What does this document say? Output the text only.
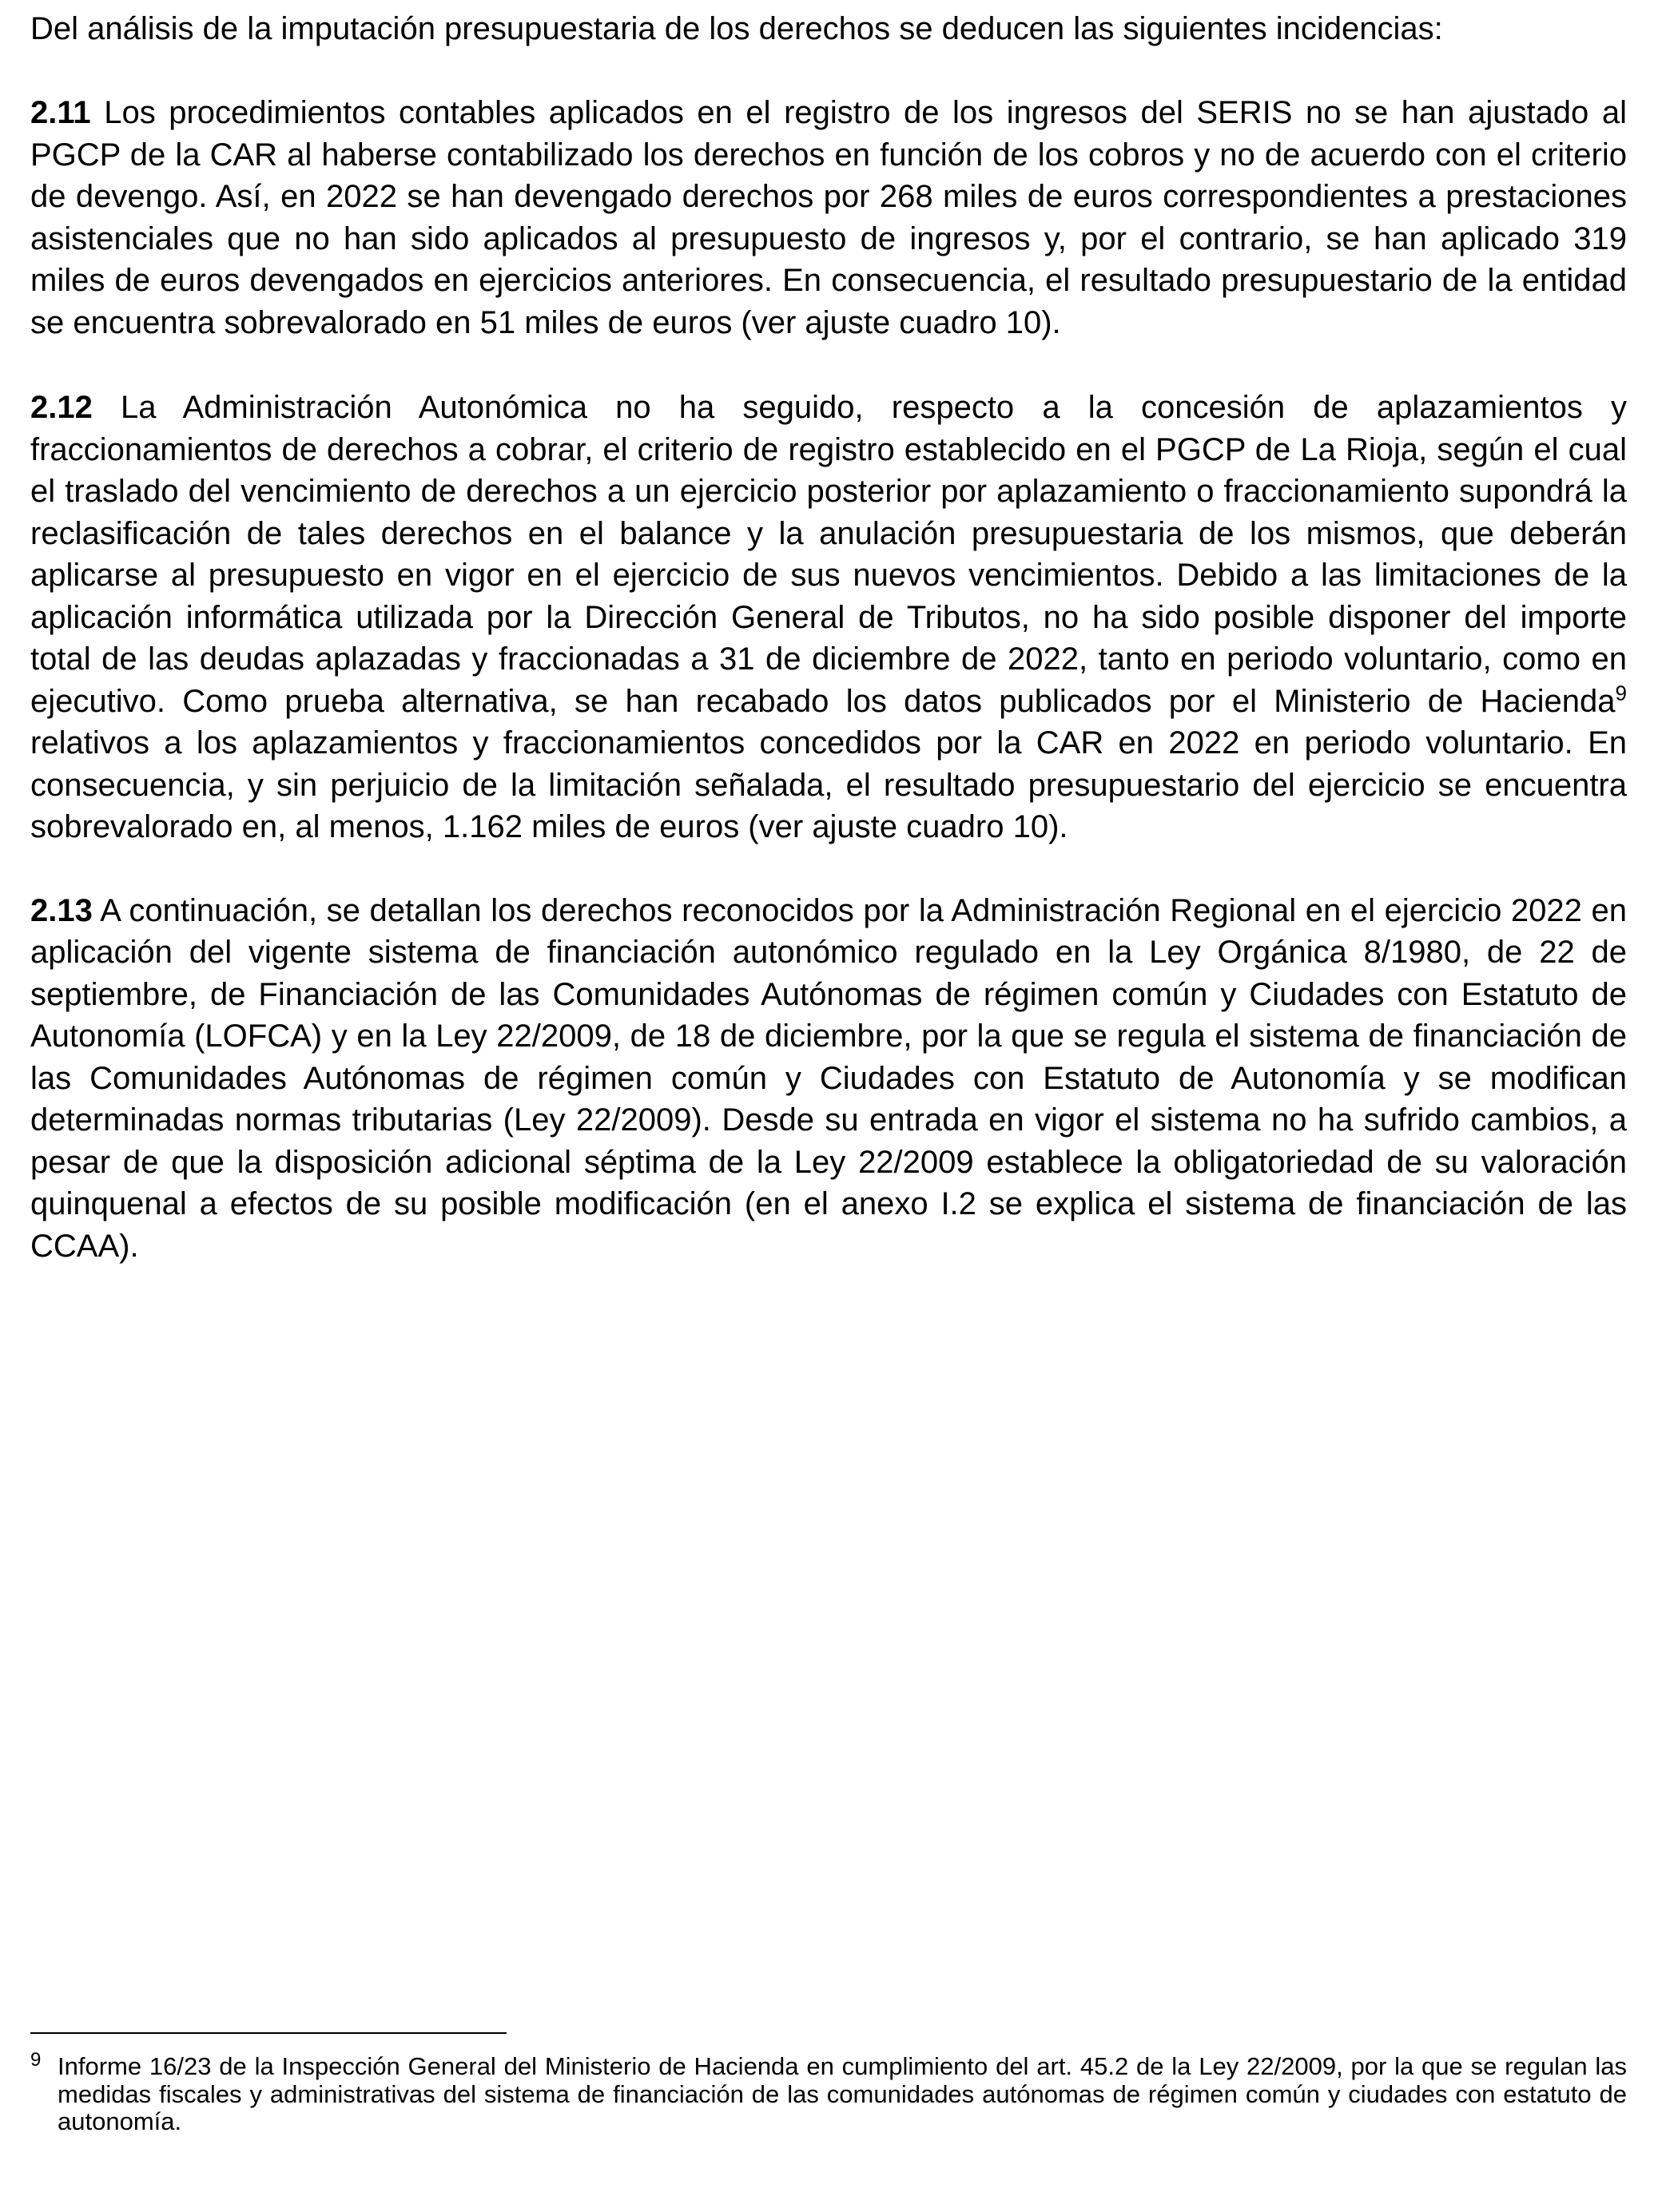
Del análisis de la imputación presupuestaria de los derechos se deducen las siguientes incidencias:

2.11 Los procedimientos contables aplicados en el registro de los ingresos del SERIS no se han ajustado al PGCP de la CAR al haberse contabilizado los derechos en función de los cobros y no de acuerdo con el criterio de devengo. Así, en 2022 se han devengado derechos por 268 miles de euros correspondientes a prestaciones asistenciales que no han sido aplicados al presupuesto de ingresos y, por el contrario, se han aplicado 319 miles de euros devengados en ejercicios anteriores. En consecuencia, el resultado presupuestario de la entidad se encuentra sobrevalorado en 51 miles de euros (ver ajuste cuadro 10).

2.12 La Administración Autonómica no ha seguido, respecto a la concesión de aplazamientos y fraccionamientos de derechos a cobrar, el criterio de registro establecido en el PGCP de La Rioja, según el cual el traslado del vencimiento de derechos a un ejercicio posterior por aplazamiento o fraccionamiento supondrá la reclasificación de tales derechos en el balance y la anulación presupuestaria de los mismos, que deberán aplicarse al presupuesto en vigor en el ejercicio de sus nuevos vencimientos. Debido a las limitaciones de la aplicación informática utilizada por la Dirección General de Tributos, no ha sido posible disponer del importe total de las deudas aplazadas y fraccionadas a 31 de diciembre de 2022, tanto en periodo voluntario, como en ejecutivo. Como prueba alternativa, se han recabado los datos publicados por el Ministerio de Hacienda$^9$ relativos a los aplazamientos y fraccionamientos concedidos por la CAR en 2022 en periodo voluntario. En consecuencia, y sin perjuicio de la limitación señalada, el resultado presupuestario del ejercicio se encuentra sobrevalorado en, al menos, 1.162 miles de euros (ver ajuste cuadro 10).

2.13 A continuación, se detallan los derechos reconocidos por la Administración Regional en el ejercicio 2022 en aplicación del vigente sistema de financiación autonómico regulado en la Ley Orgánica 8/1980, de 22 de septiembre, de Financiación de las Comunidades Autónomas de régimen común y Ciudades con Estatuto de Autonomía (LOFCA) y en la Ley 22/2009, de 18 de diciembre, por la que se regula el sistema de financiación de las Comunidades Autónomas de régimen común y Ciudades con Estatuto de Autonomía y se modifican determinadas normas tributarias (Ley 22/2009). Desde su entrada en vigor el sistema no ha sufrido cambios, a pesar de que la disposición adicional séptima de la Ley 22/2009 establece la obligatoriedad de su valoración quinquenal a efectos de su posible modificación (en el anexo I.2 se explica el sistema de financiación de las CCAA).

9 Informe 16/23 de la Inspección General del Ministerio de Hacienda en cumplimiento del art. 45.2 de la Ley 22/2009, por la que se regulan las medidas fiscales y administrativas del sistema de financiación de las comunidades autónomas de régimen común y ciudades con estatuto de autonomía.
